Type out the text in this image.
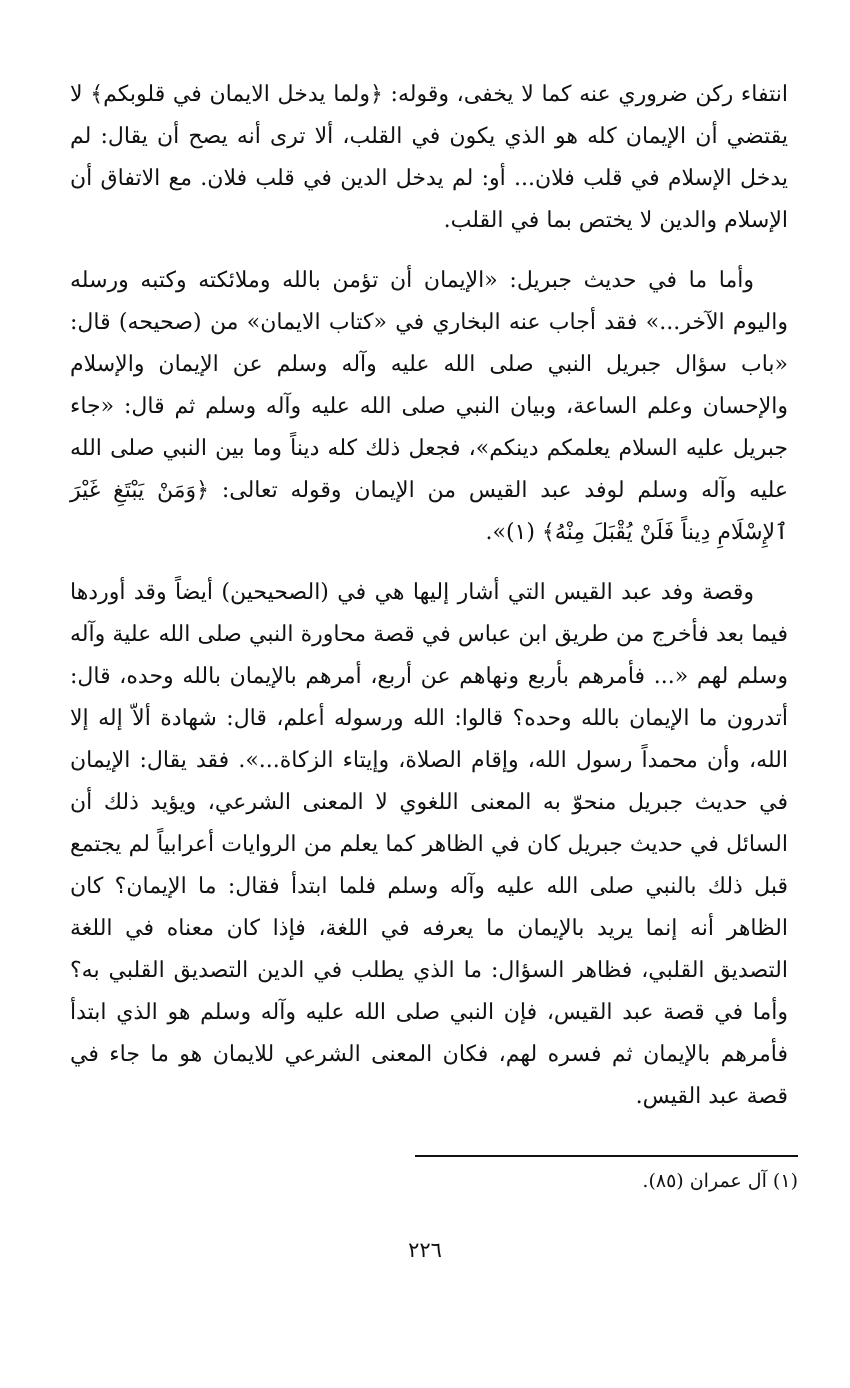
انتفاء ركن ضروري عنه كما لا يخفى، وقوله: ﴿ولما يدخل الايمان في قلوبكم﴾ لا يقتضي أن الإيمان كله هو الذي يكون في القلب، ألا ترى أنه يصح أن يقال: لم يدخل الإسلام في قلب فلان... أو: لم يدخل الدين في قلب فلان. مع الاتفاق أن الإسلام والدين لا يختص بما في القلب.

وأما ما في حديث جبريل: «الإيمان أن تؤمن بالله وملائكته وكتبه ورسله واليوم الآخر...» فقد أجاب عنه البخاري في «كتاب الايمان» من (صحيحه) قال: «باب سؤال جبريل النبي صلى الله عليه وآله وسلم عن الإيمان والإسلام والإحسان وعلم الساعة، وبيان النبي صلى الله عليه وآله وسلم ثم قال: «جاء جبريل عليه السلام يعلمكم دينكم»، فجعل ذلك كله ديناً وما بين النبي صلى الله عليه وآله وسلم لوفد عبد القيس من الإيمان وقوله تعالى: ﴿وَمَنْ يَبْتَغِ غَيْرَ ٱلإِسْلَامِ دِيناً فَلَنْ يُقْبَلَ مِنْهُ﴾ (١)».

وقصة وفد عبد القيس التي أشار إليها هي في (الصحيحين) أيضاً وقد أوردها فيما بعد فأخرج من طريق ابن عباس في قصة محاورة النبي صلى الله علية وآله وسلم لهم «... فأمرهم بأربع ونهاهم عن أربع، أمرهم بالإيمان بالله وحده، قال: أتدرون ما الإيمان بالله وحده؟ قالوا: الله ورسوله أعلم، قال: شهادة ألاّ إله إلا الله، وأن محمداً رسول الله، وإقام الصلاة، وإيتاء الزكاة...». فقد يقال: الإيمان في حديث جبريل منحوّ به المعنى اللغوي لا المعنى الشرعي، ويؤيد ذلك أن السائل في حديث جبريل كان في الظاهر كما يعلم من الروايات أعرابياً لم يجتمع قبل ذلك بالنبي صلى الله عليه وآله وسلم فلما ابتدأ فقال: ما الإيمان؟ كان الظاهر أنه إنما يريد بالإيمان ما يعرفه في اللغة، فإذا كان معناه في اللغة التصديق القلبي، فظاهر السؤال: ما الذي يطلب في الدين التصديق القلبي به؟ وأما في قصة عبد القيس، فإن النبي صلى الله عليه وآله وسلم هو الذي ابتدأ فأمرهم بالإيمان ثم فسره لهم، فكان المعنى الشرعي للايمان هو ما جاء في قصة عبد القيس.

(١) آل عمران (٨٥).
٢٢٦
